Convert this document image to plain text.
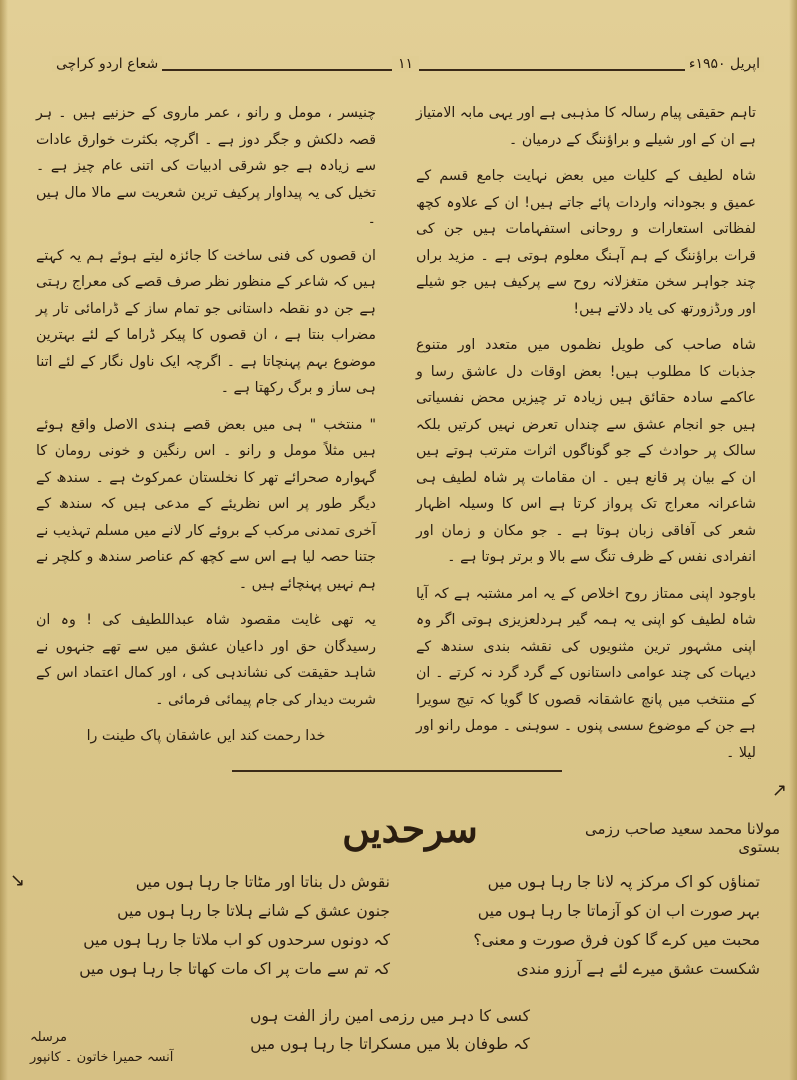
شعاع اردو کراچی	۱۱	اپریل ۱۹۵۰ء

تاہم حقیقی پیام رسالہ کا مذہبی ہے اور یہی مابہ الامتیاز ہے ان کے اور شیلے و براؤننگ کے درمیان ۔

شاہ لطیف کے کلیات میں بعض نہایت جامع قسم کے عمیق و بجودانہ واردات پائے جاتے ہیں! ان کے علاوہ کچھ لفظاتی استعارات و روحانی استفہامات ہیں جن کی قرات براؤننگ کے ہم آہنگ معلوم ہوتی ہے ۔ مزید براں چند جواہر سخن متغزلانہ روح سے پرکیف ہیں جو شیلے اور ورڈزورتھ کی یاد دلاتے ہیں!

شاہ صاحب کی طویل نظموں میں متعدد اور متنوع جذبات کا مطلوب ہیں! بعض اوقات دل عاشق رسا و عاکمے سادہ حقائق ہیں زیادہ تر چیزیں محض نفسیاتی ہیں جو انجام عشق سے چنداں تعرض نہیں کرتیں بلکہ سالک پر حوادث کے جو گوناگوں اثرات مترتب ہوتے ہیں ان کے بیان پر قانع ہیں ۔ ان مقامات پر شاہ لطیف ہی شاعرانہ معراج تک پرواز کرتا ہے اس کا وسیلہ اظہار شعر کی آفاقی زبان ہوتا ہے ۔ جو مکان و زمان اور انفرادی نفس کے ظرف تنگ سے بالا و برتر ہوتا ہے ۔

باوجود اپنی ممتاز روح اخلاص کے یہ امر مشتبہ ہے کہ آیا شاہ لطیف کو اپنی یہ ہمہ گیر ہردلعزیزی ہوتی اگر وہ اپنی مشہور ترین مثنویوں کی نقشہ بندی سندھ کے دیہات کی چند عوامی داستانوں کے گرد گرد نہ کرتے ۔ ان کے منتخب میں پانچ عاشقانہ قصوں کا گویا کہ تیج سویرا ہے جن کے موضوع سسی پنوں ۔ سوہنی ۔ مومل رانو اور لیلا ۔

چنیسر ، مومل و رانو ، عمر ماروی کے حزنیے ہیں ۔ ہر قصہ دلکش و جگر دوز ہے ۔ اگرچہ بکثرت خوارق عادات سے زیادہ ہے جو شرقی ادبیات کی اتنی عام چیز ہے ۔ تخیل کی یہ پیداوار پرکیف ترین شعریت سے مالا مال ہیں ۔

ان قصوں کی فنی ساخت کا جائزہ لیتے ہوئے ہم یہ کہتے ہیں کہ شاعر کے منظور نظر صرف قصے کی معراج رہتی ہے جن دو نقطہ داستانی جو تمام ساز کے ڈرامائی تار پر مضراب بنتا ہے ، ان قصوں کا پیکر ڈراما کے لئے بہترین موضوع بہم پہنچاتا ہے ۔ اگرچہ ایک ناول نگار کے لئے اتنا ہی ساز و برگ رکھتا ہے ۔

" منتخب " ہی میں بعض قصے ہندی الاصل واقع ہوئے ہیں مثلاً مومل و رانو ۔ اس رنگین و خونی رومان کا گہوارہ صحرائے تھر کا نخلستان عمرکوٹ ہے ۔ سندھ کے دیگر طور پر اس نظریئے کے مدعی ہیں کہ سندھ کے آخری تمدنی مرکب کے بروئے کار لانے میں مسلم تہذیب نے جتنا حصہ لیا ہے اس سے کچھ کم عناصر سندھ و کلچر نے ہم نہیں پہنچائے ہیں ۔

یہ تھی غایت مقصود شاہ عبداللطیف کی ! وہ ان رسیدگان حق اور داعیان عشق میں سے تھے جنہوں نے شاہد حقیقت کی نشاندہی کی ، اور کمال اعتماد اس کے شربت دیدار کی جام پیمائی فرمائی ۔

خدا رحمت کند ایں عاشقان پاک طینت را

مولانا محمد سعید صاحب رزمی بستوی
سرحدیں
تمناؤں کو اک مرکز پہ لانا جا رہا ہوں میں
نقوش دل بناتا اور مٹاتا جا رہا ہوں میں
بہر صورت اب ان کو آزماتا جا رہا ہوں میں
جنون عشق کے شانے ہلاتا جا رہا ہوں میں
محبت میں کرے گا کون فرق صورت و معنی؟
کہ دونوں سرحدوں کو اب ملاتا جا رہا ہوں میں
شکست عشق میرے لئے ہے آرزو مندی
کہ تم سے مات پر اک مات کھاتا جا رہا ہوں میں
کسی کا دہر میں رزمی امین راز الفت ہوں
کہ طوفان بلا میں مسکراتا جا رہا ہوں میں
مرسلہ
آنسہ حمیرا خاتون ۔ کانپور
↗
↘
